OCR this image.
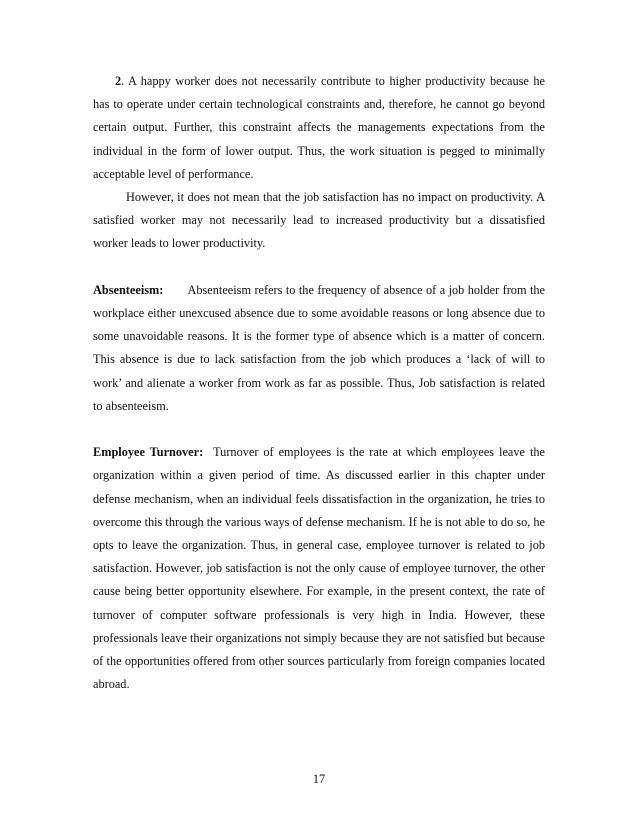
2. A happy worker does not necessarily contribute to higher productivity because he has to operate under certain technological constraints and, therefore, he cannot go beyond certain output. Further, this constraint affects the managements expectations from the individual in the form of lower output. Thus, the work situation is pegged to minimally acceptable level of performance.

However, it does not mean that the job satisfaction has no impact on productivity. A satisfied worker may not necessarily lead to increased productivity but a dissatisfied worker leads to lower productivity.

Absenteeism: Absenteeism refers to the frequency of absence of a job holder from the workplace either unexcused absence due to some avoidable reasons or long absence due to some unavoidable reasons. It is the former type of absence which is a matter of concern. This absence is due to lack satisfaction from the job which produces a ‘lack of will to work’ and alienate a worker from work as far as possible. Thus, Job satisfaction is related to absenteeism.

Employee Turnover: Turnover of employees is the rate at which employees leave the organization within a given period of time. As discussed earlier in this chapter under defense mechanism, when an individual feels dissatisfaction in the organization, he tries to overcome this through the various ways of defense mechanism. If he is not able to do so, he opts to leave the organization. Thus, in general case, employee turnover is related to job satisfaction. However, job satisfaction is not the only cause of employee turnover, the other cause being better opportunity elsewhere. For example, in the present context, the rate of turnover of computer software professionals is very high in India. However, these professionals leave their organizations not simply because they are not satisfied but because of the opportunities offered from other sources particularly from foreign companies located abroad.

17
